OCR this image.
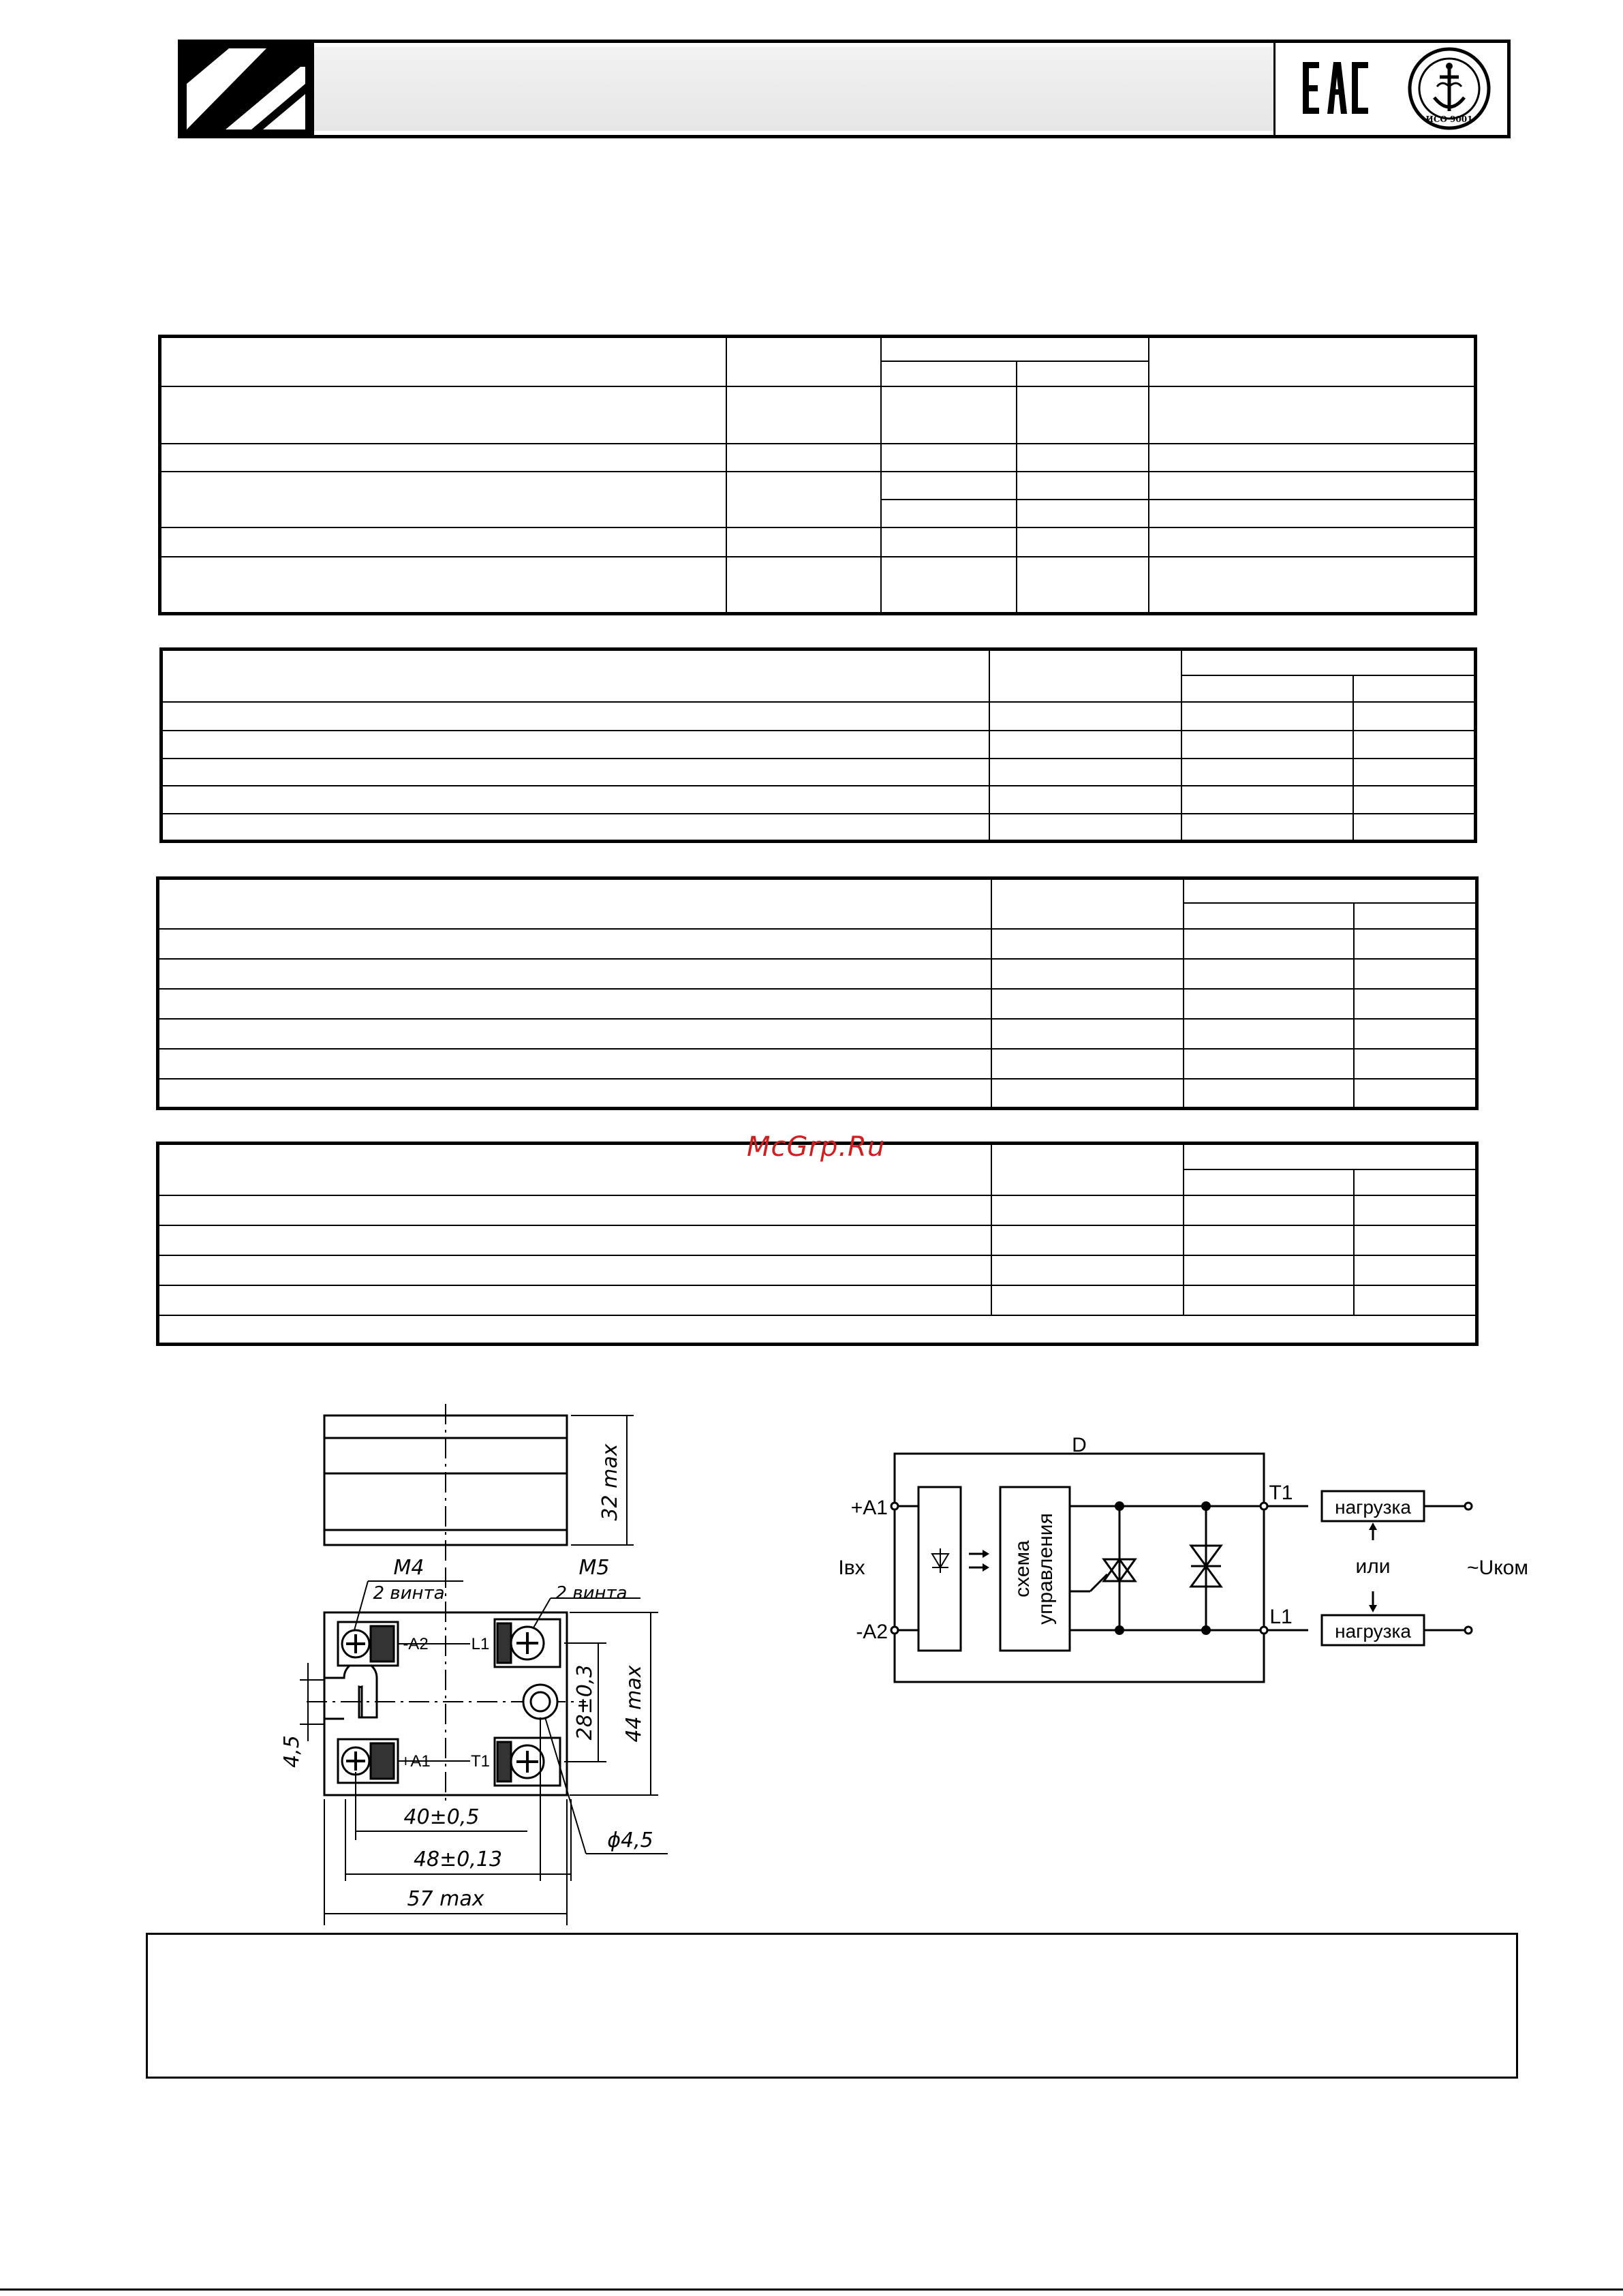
ИСО 9001

McGrp.Ru
32 max
M4	M5
2 винта	2 винта
-A2	L1
+A1 T1
28±0,3 44 max
4,5
40±0,5
48±0,13
57 max
ϕ4,5
D
+A1
-A2
Iвх	схема управления
T1
L1
нагрузка
нагрузка
или	~Uком
